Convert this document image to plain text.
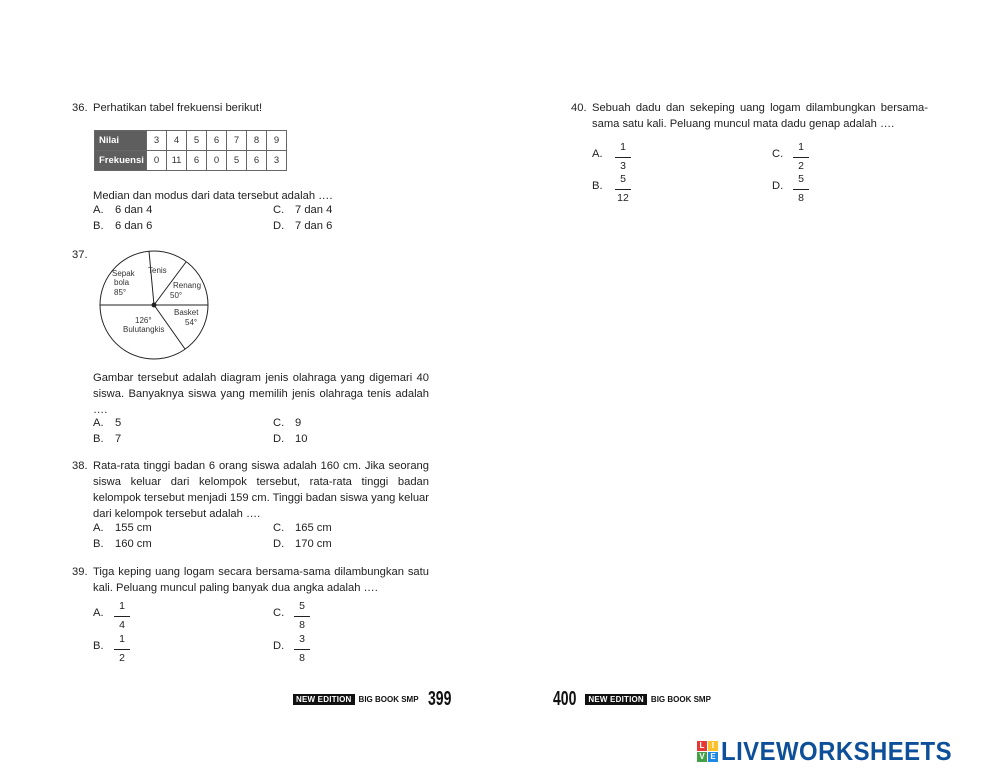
36. Perhatikan tabel frekuensi berikut!
Nilai	3	4	5	6	7	8	9
Frekuensi	0	11	6	0	5	6	3
Median dan modus dari data tersebut adalah ….
A. 6 dan 4
B. 6 dan 6
C. 7 dan 4
D. 7 dan 6
37.
Sepak
bola
85°
Tenis
Renang
50°
Basket
54°
126°
Bulutangkis
Gambar tersebut adalah diagram jenis olahraga yang digemari 40 siswa. Banyaknya siswa yang memilih jenis olahraga tenis adalah ….
A. 5
B. 7
C. 9
D. 10
38. Rata-rata tinggi badan 6 orang siswa adalah 160 cm. Jika seorang siswa keluar dari kelompok tersebut, rata-rata tinggi badan kelompok tersebut menjadi 159 cm. Tinggi badan siswa yang keluar dari kelompok tersebut adalah ….
A. 155 cm
B. 160 cm
C. 165 cm
D. 170 cm
39. Tiga keping uang logam secara bersama-sama dilambungkan satu kali. Peluang muncul paling banyak dua angka adalah ….
A.
1
4
B.
1
2
C.
5
8
D.
3
8
40. Sebuah dadu dan sekeping uang logam dilambungkan bersama-sama satu kali. Peluang muncul mata dadu genap adalah ….
A.
1
3
B.
5
12
C.
1
2
D.
5
8
NEW EDITION BIG BOOK SMP 399	400	NEW EDITION BIG BOOK SMP
L I
V E LIVEWORKSHEETS
